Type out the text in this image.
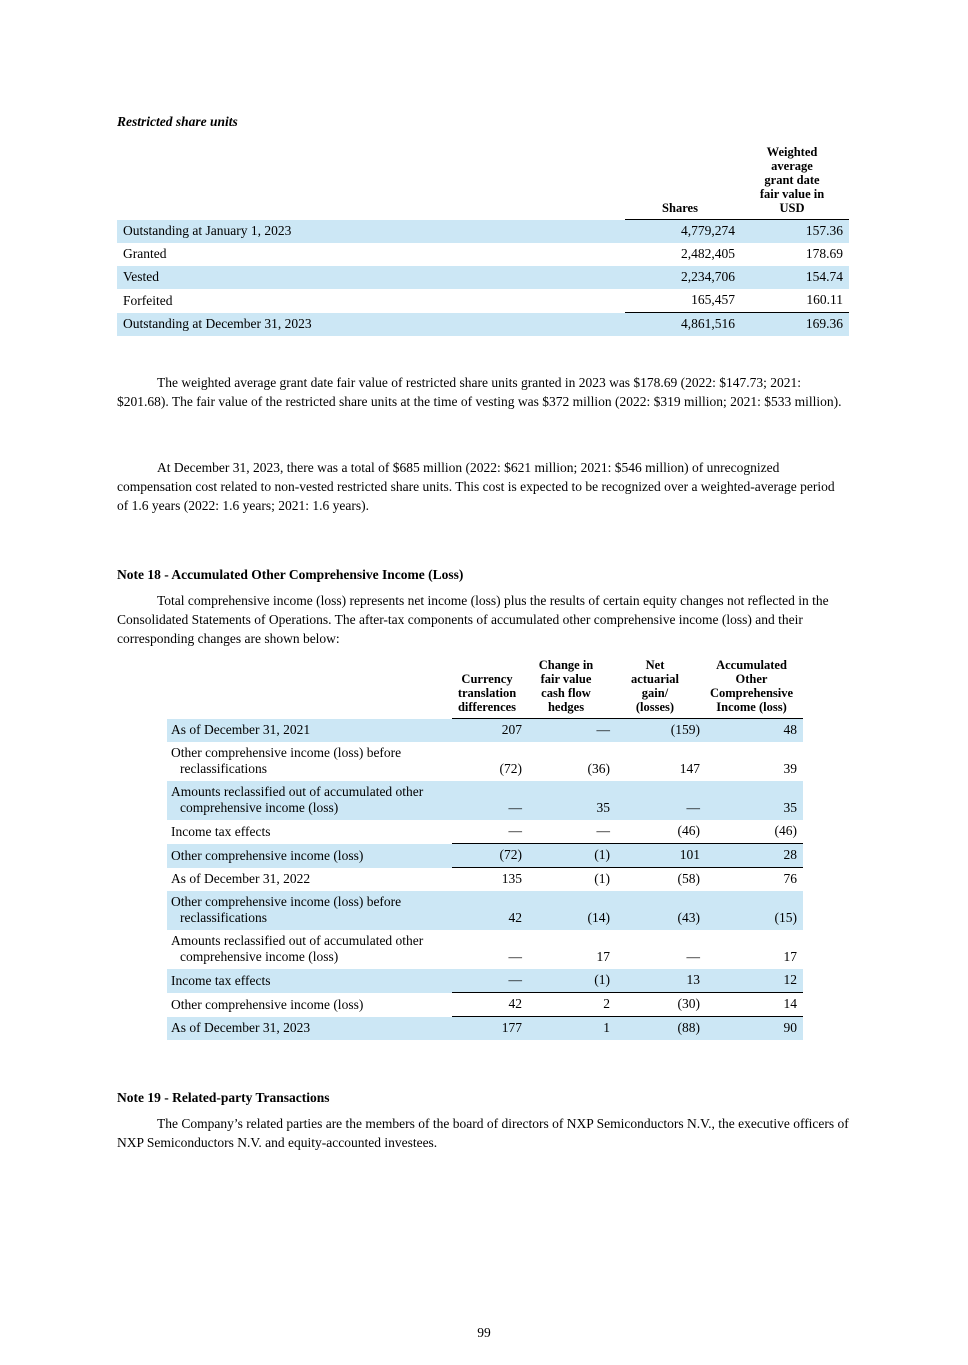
Restricted share units
	Shares	Weighted average grant date fair value in USD
Outstanding at January 1, 2023	4,779,274	157.36
Granted	2,482,405	178.69
Vested	2,234,706	154.74
Forfeited	165,457	160.11
Outstanding at December 31, 2023	4,861,516	169.36
The weighted average grant date fair value of restricted share units granted in 2023 was $178.69 (2022: $147.73; 2021: $201.68). The fair value of the restricted share units at the time of vesting was $372 million (2022: $319 million; 2021: $533 million).
At December 31, 2023, there was a total of $685 million (2022: $621 million; 2021: $546 million) of unrecognized compensation cost related to non-vested restricted share units. This cost is expected to be recognized over a weighted-average period of 1.6 years (2022: 1.6 years; 2021: 1.6 years).
Note 18 - Accumulated Other Comprehensive Income (Loss)
Total comprehensive income (loss) represents net income (loss) plus the results of certain equity changes not reflected in the Consolidated Statements of Operations. The after-tax components of accumulated other comprehensive income (loss) and their corresponding changes are shown below:
	Currency translation differences	Change in fair value cash flow hedges	Net actuarial gain/ (losses)	Accumulated Other Comprehensive Income (loss)
As of December 31, 2021	207	—	(159)	48
Other comprehensive income (loss) before reclassifications	(72)	(36)	147	39
Amounts reclassified out of accumulated other comprehensive income (loss)	—	35	—	35
Income tax effects	—	—	(46)	(46)
Other comprehensive income (loss)	(72)	(1)	101	28
As of December 31, 2022	135	(1)	(58)	76
Other comprehensive income (loss) before reclassifications	42	(14)	(43)	(15)
Amounts reclassified out of accumulated other comprehensive income (loss)	—	17	—	17
Income tax effects	—	(1)	13	12
Other comprehensive income (loss)	42	2	(30)	14
As of December 31, 2023	177	1	(88)	90
Note 19 - Related-party Transactions
The Company’s related parties are the members of the board of directors of NXP Semiconductors N.V., the executive officers of NXP Semiconductors N.V. and equity-accounted investees.
99
